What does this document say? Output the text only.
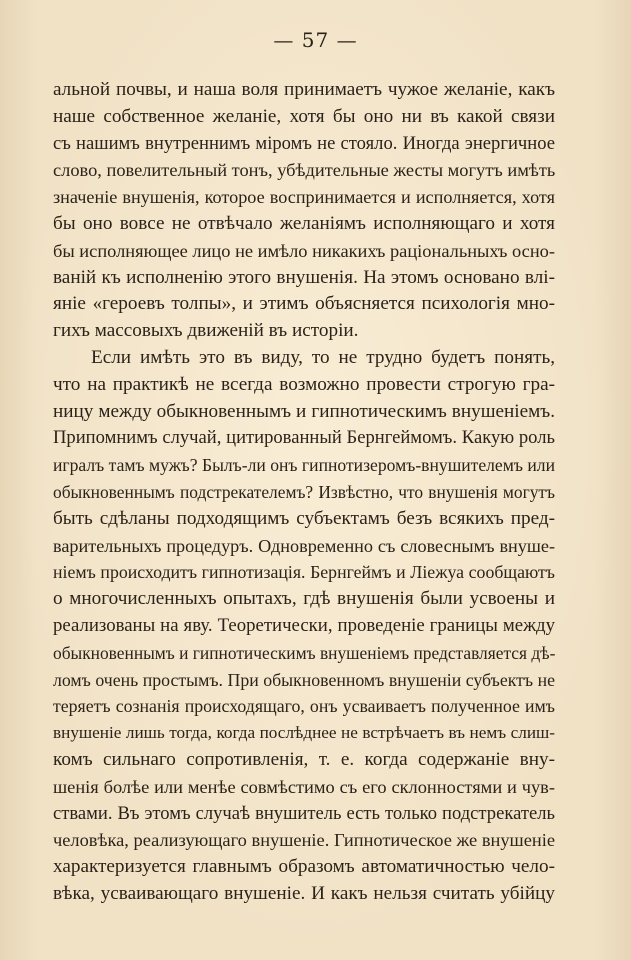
— 57 —
альной почвы, и наша воля принимаетъ чужое желаніе, какъ
наше собственное желаніе, хотя бы оно ни въ какой связи
съ нашимъ внутреннимъ міромъ не стояло. Иногда энергичное
слово, повелительный тонъ, убѣдительные жесты могутъ имѣть
значеніе внушенія, которое воспринимается и исполняется, хотя
бы оно вовсе не отвѣчало желаніямъ исполняющаго и хотя
бы исполняющее лицо не имѣло никакихъ раціональныхъ осно-
ваній къ исполненію этого внушенія. На этомъ основано влі-
яніе «героевъ толпы», и этимъ объясняется психологія мно-
гихъ массовыхъ движеній въ исторіи.
Если имѣть это въ виду, то не трудно будетъ понять,
что на практикѣ не всегда возможно провести строгую гра-
ницу между обыкновеннымъ и гипнотическимъ внушеніемъ.
Припомнимъ случай, цитированный Бернгеймомъ. Какую роль
игралъ тамъ мужъ? Былъ-ли онъ гипнотизеромъ-внушителемъ или
обыкновеннымъ подстрекателемъ? Извѣстно, что внушенія могутъ
быть сдѣланы подходящимъ субъектамъ безъ всякихъ пред-
варительныхъ процедуръ. Одновременно съ словеснымъ внуше-
ніемъ происходитъ гипнотизація. Бернгеймъ и Ліежуа сообщаютъ
о многочисленныхъ опытахъ, гдѣ внушенія были усвоены и
реализованы на яву. Теоретически, проведеніе границы между
обыкновеннымъ и гипнотическимъ внушеніемъ представляется дѣ-
ломъ очень простымъ. При обыкновенномъ внушеніи субъектъ не
теряетъ сознанія происходящаго, онъ усваиваетъ полученное имъ
внушеніе лишь тогда, когда послѣднее не встрѣчаетъ въ немъ слиш-
комъ сильнаго сопротивленія, т. е. когда содержаніе вну-
шенія болѣе или менѣе совмѣстимо съ его склонностями и чув-
ствами. Въ этомъ случаѣ внушитель есть только подстрекатель
человѣка, реализующаго внушеніе. Гипнотическое же внушеніе
характеризуется главнымъ образомъ автоматичностью чело-
вѣка, усваивающаго внушеніе. И какъ нельзя считать убійцу
